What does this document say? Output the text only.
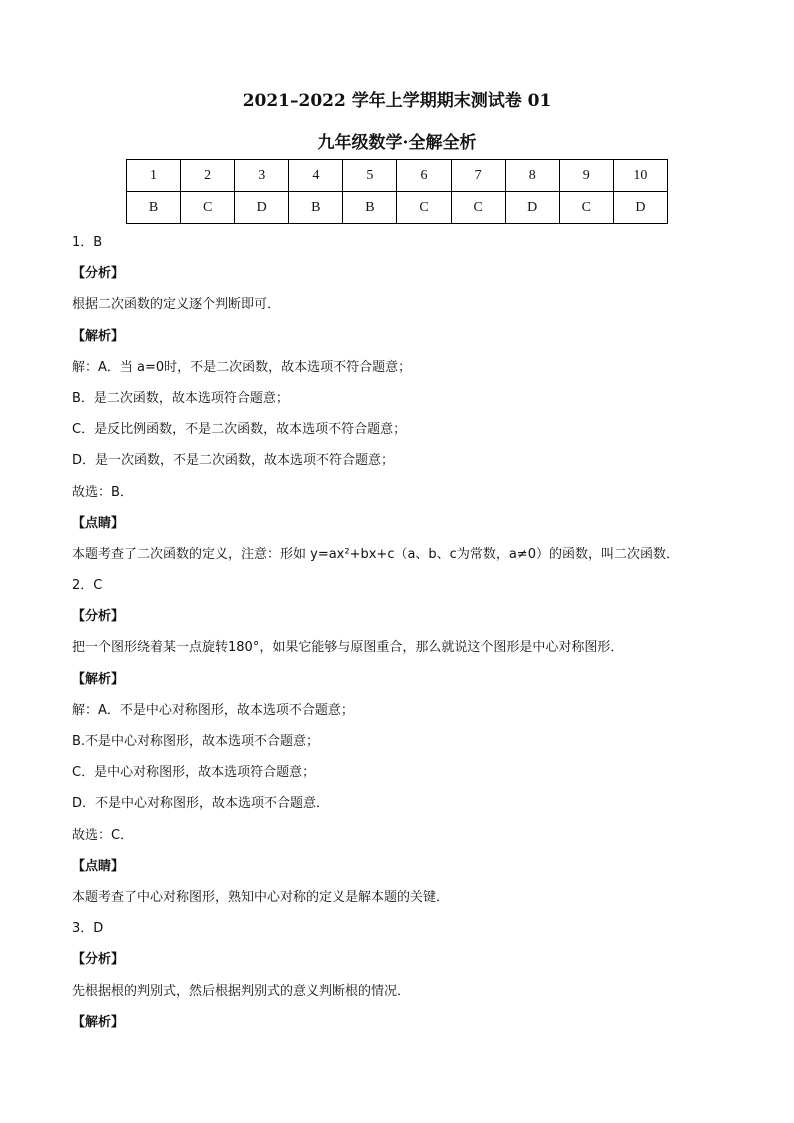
2021–2022 学年上学期期末测试卷 01
九年级数学·全解全析
1	2	3	4	5	6	7	8	9	10
B	C	D	B	B	C	C	D	C	D
1．B
【分析】
根据二次函数的定义逐个判断即可．
【解析】
解：A．当 a=0时，不是二次函数，故本选项不符合题意；
B．是二次函数，故本选项符合题意；
C．是反比例函数，不是二次函数，故本选项不符合题意；
D．是一次函数，不是二次函数，故本选项不符合题意；
故选：B．
【点睛】
本题考查了二次函数的定义，注意：形如 y=ax²+bx+c（a、b、c为常数，a≠0）的函数，叫二次函数．
2．C
【分析】
把一个图形绕着某一点旋转180°，如果它能够与原图重合，那么就说这个图形是中心对称图形．
【解析】
解：A．不是中心对称图形，故本选项不合题意；
B.不是中心对称图形，故本选项不合题意；
C．是中心对称图形，故本选项符合题意；
D．不是中心对称图形，故本选项不合题意．
故选：C．
【点睛】
本题考查了中心对称图形，熟知中心对称的定义是解本题的关键．
3．D
【分析】
先根据根的判别式，然后根据判别式的意义判断根的情况．
【解析】
